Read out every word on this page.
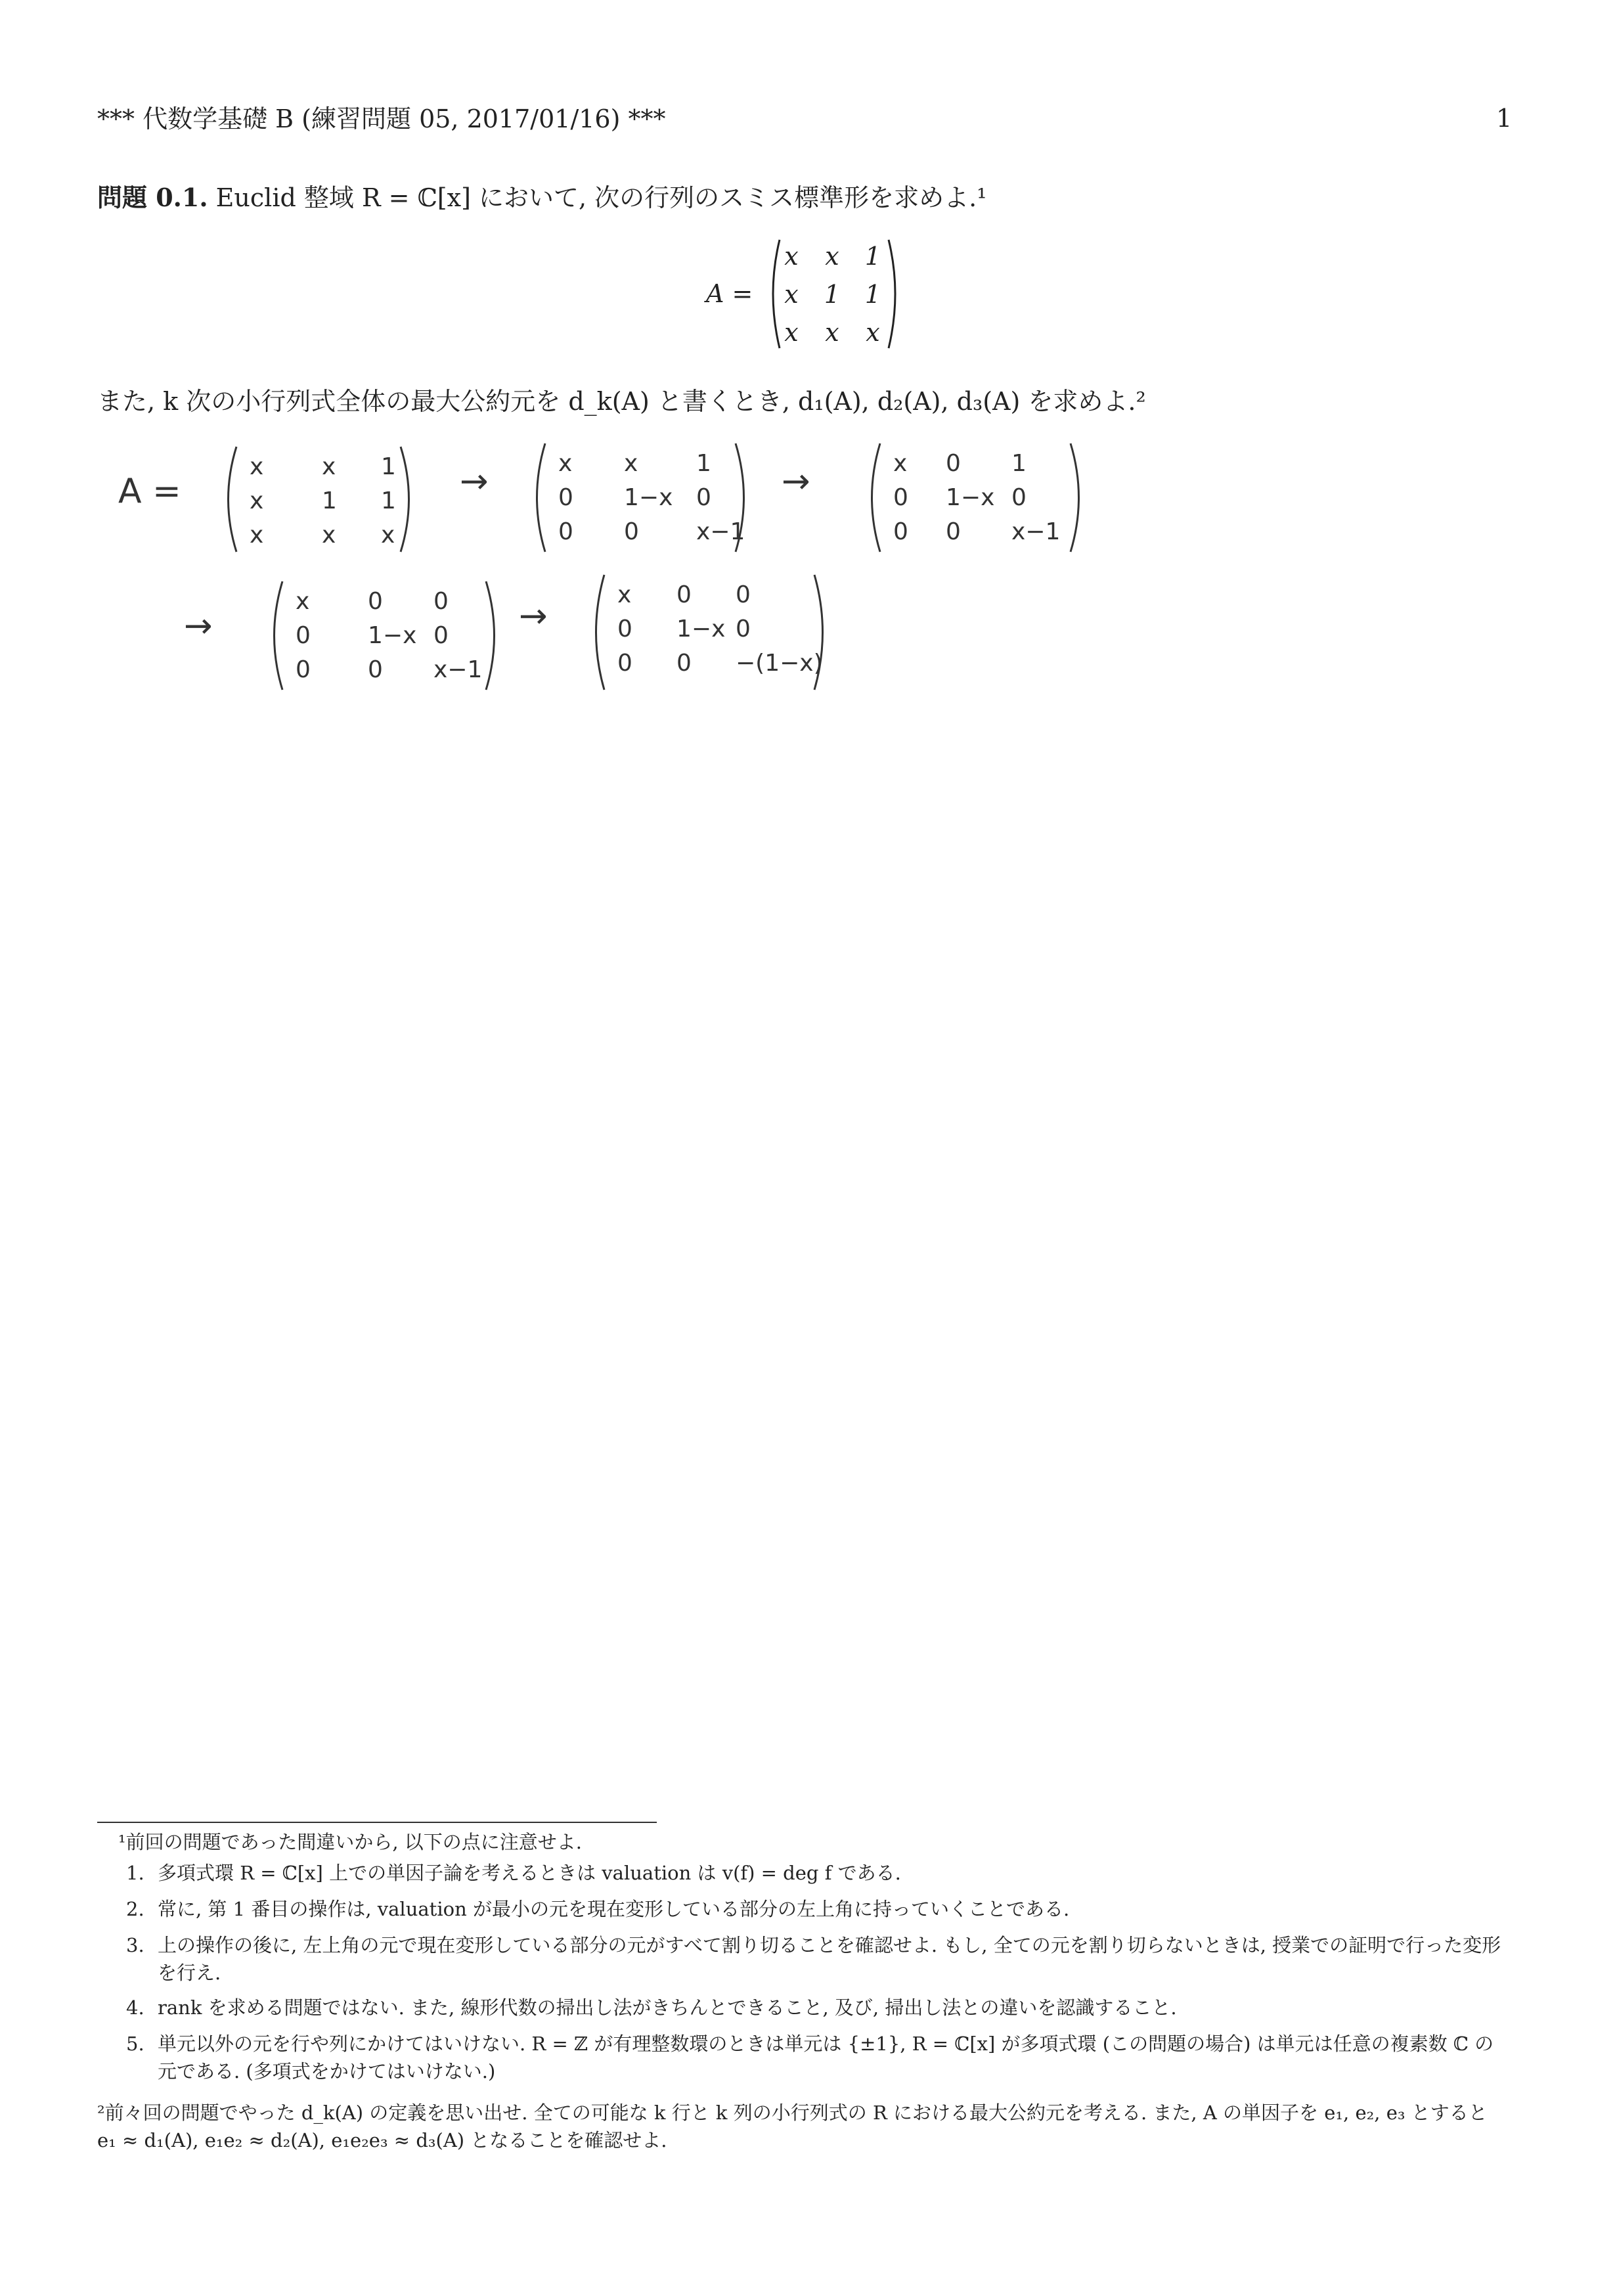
*** 代数学基礎 B (練習問題 05, 2017/01/16) ***	1
問題 0.1. Euclid 整域 R = ℂ[x] において, 次の行列のスミス標準形を求めよ.¹
A =
x	x	1
x	1 1
x	x	x
また, k 次の小行列式全体の最大公約元を d_k(A) と書くとき, d₁(A), d₂(A), d₃(A) を求めよ.²
A =
x x 1
x 1 1
x x x
x x 1
0 1−x 0
0 0 x−1
x 0 1
0 1−x 0
0 0 x−1
x 0 0
0 1−x 0
0 0 x−1
x 0 0
0 1−x 0
0 0 −(1−x)
→	→
→	→
¹前回の問題であった間違いから, 以下の点に注意せよ.
1. 多項式環 R = ℂ[x] 上での単因子論を考えるときは valuation は v(f) = deg f である.
2. 常に, 第 1 番目の操作は, valuation が最小の元を現在変形している部分の左上角に持っていくことである.
3. 上の操作の後に, 左上角の元で現在変形している部分の元がすべて割り切ることを確認せよ. もし, 全ての元を割り切らないときは, 授業での証明で行った変形を行え.
4. rank を求める問題ではない. また, 線形代数の掃出し法がきちんとできること, 及び, 掃出し法との違いを認識すること.
5. 単元以外の元を行や列にかけてはいけない. R = ℤ が有理整数環のときは単元は {±1}, R = ℂ[x] が多項式環 (この問題の場合) は単元は任意の複素数 ℂ の元である. (多項式をかけてはいけない.)
²前々回の問題でやった d_k(A) の定義を思い出せ. 全ての可能な k 行と k 列の小行列式の R における最大公約元を考える. また, A の単因子を e₁, e₂, e₃ とすると e₁ ≈ d₁(A), e₁e₂ ≈ d₂(A), e₁e₂e₃ ≈ d₃(A) となることを確認せよ.
